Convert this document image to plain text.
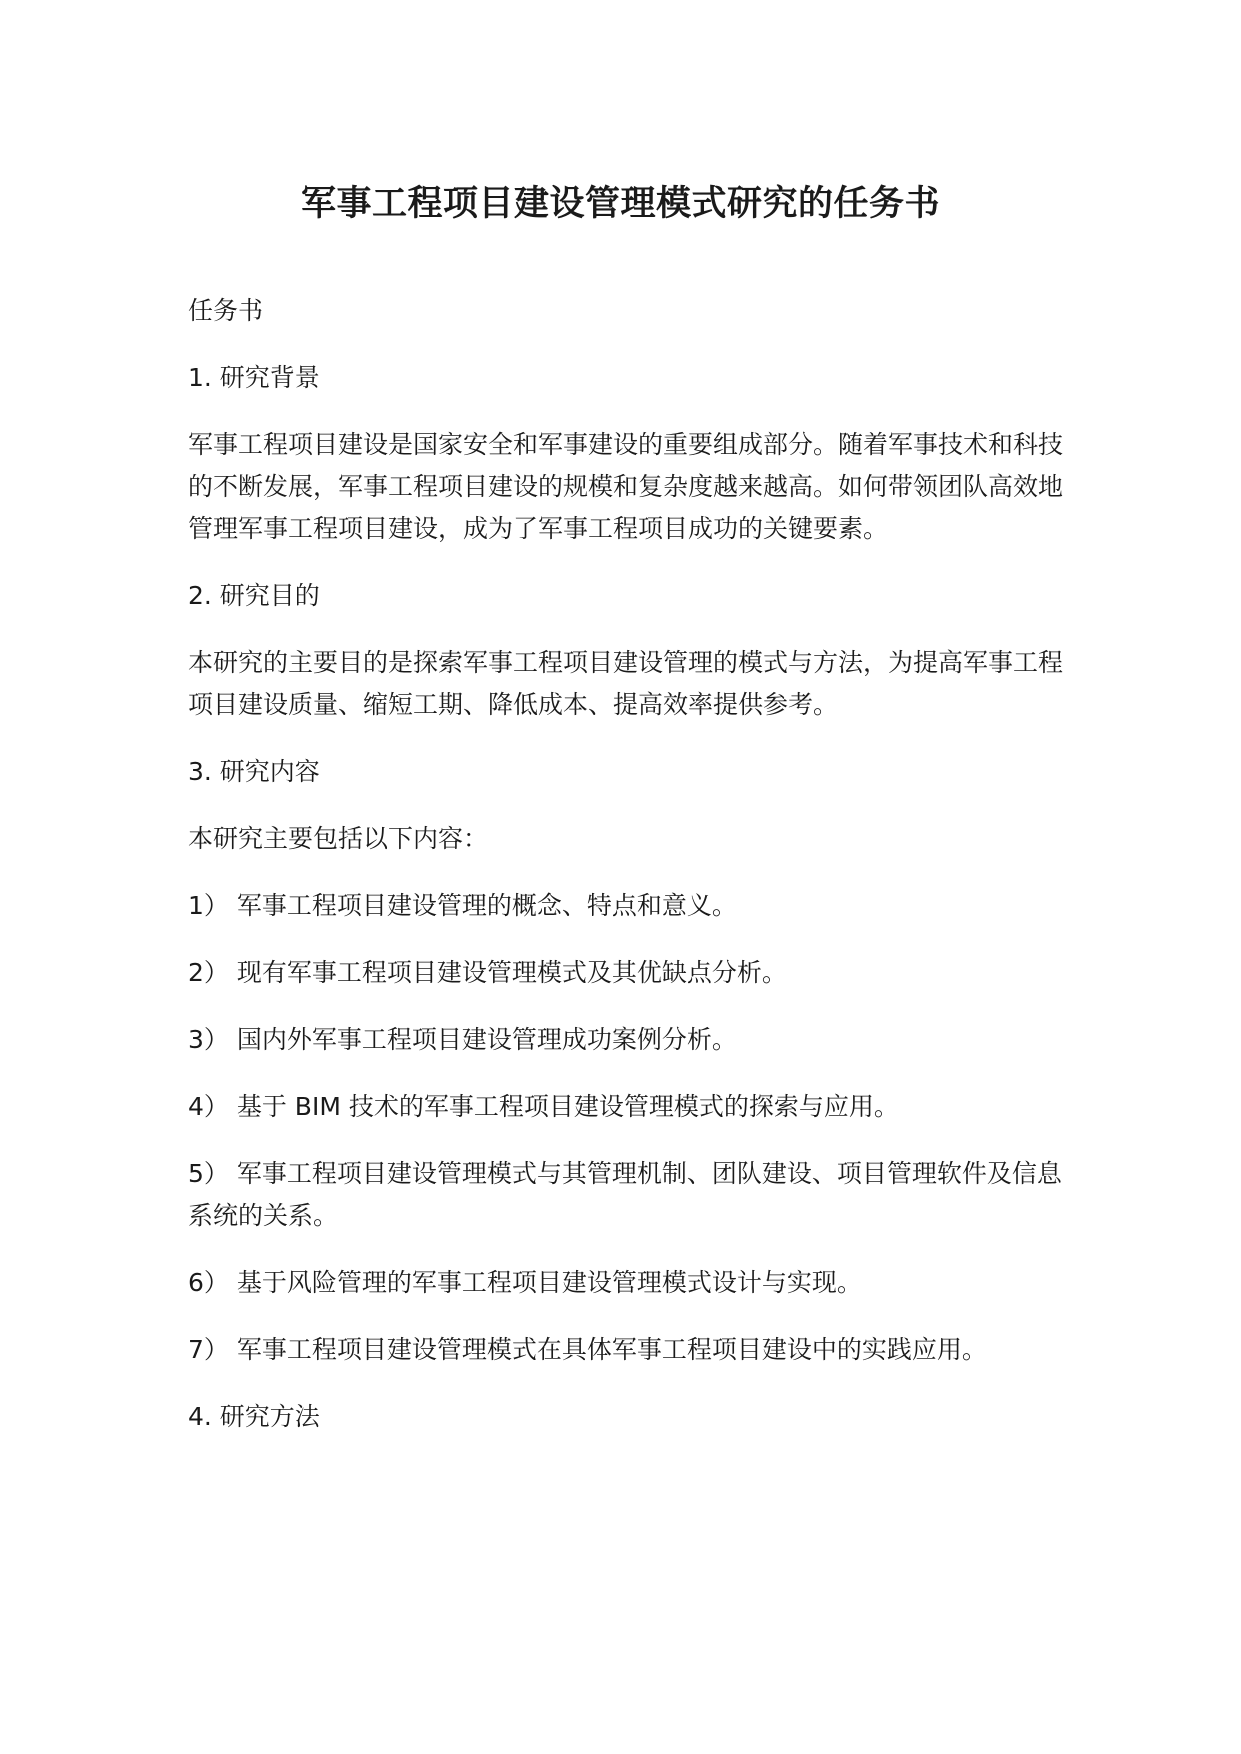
军事工程项目建设管理模式研究的任务书

任务书

1. 研究背景

军事工程项目建设是国家安全和军事建设的重要组成部分。随着军事技术和科技的不断发展，军事工程项目建设的规模和复杂度越来越高。如何带领团队高效地管理军事工程项目建设，成为了军事工程项目成功的关键要素。

2. 研究目的

本研究的主要目的是探索军事工程项目建设管理的模式与方法，为提高军事工程项目建设质量、缩短工期、降低成本、提高效率提供参考。

3. 研究内容

本研究主要包括以下内容：

1） 军事工程项目建设管理的概念、特点和意义。

2） 现有军事工程项目建设管理模式及其优缺点分析。

3） 国内外军事工程项目建设管理成功案例分析。

4） 基于 BIM 技术的军事工程项目建设管理模式的探索与应用。

5） 军事工程项目建设管理模式与其管理机制、团队建设、项目管理软件及信息系统的关系。

6） 基于风险管理的军事工程项目建设管理模式设计与实现。

7） 军事工程项目建设管理模式在具体军事工程项目建设中的实践应用。

4. 研究方法
